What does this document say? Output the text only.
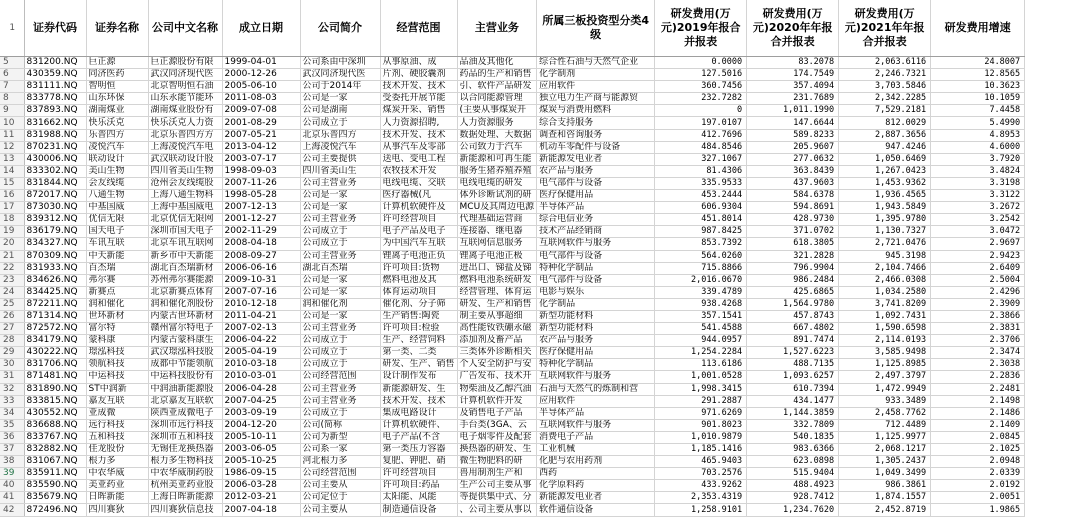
1	证券代码	证券名称	公司中文名称	成立日期	公司简介	经营范围	主营业务	所属三板投资型分类4级	研发费用(万元)2019年报合并报表	研发费用(万元)2020年年报合并报表	研发费用(万元)2021年年报合并报表	研发费用增速
5	831200.NQ	巨正源	巨正源股份有限	1999-04-01	公司系由中深圳	从事原油、成	品油及其他化	综合性石油与天然气企业	0.0000	83.2078	2,063.6116	24.8007
6	430359.NQ	同济医药	武汉同济现代医	2000-12-26	武汉同济现代医	片剂、硬胶囊剂	药品的生产和销售	化学制剂	127.5016	174.7549	2,246.7321	12.8565
7	831111.NQ	智明恒	北京智明恒石油	2005-06-10	公司于2014年	技术开发、技术	引、软件产品研发	应用软件	360.7456	357.4094	3,703.5846	10.3623
8	833778.NQ	山东环保	山东永能节能环	2011-08-03	公司是一家	受委托开展节能	以合同能源管理	独立电力生产商与能源贸	232.7282	231.7689	2,342.2285	10.1059
9	837893.NQ	湖南煤业	湖南煤业股份有	2009-07-08	公司是湖南	煤炭开采、销售	(主要从事煤炭开	煤炭与消费用燃料	0	1,011.1990	7,529.2181	7.4458
10	831662.NQ	快乐沃克	快乐沃克人力资	2001-08-29	公司成立于	人力资源招聘,	人力资源服务	综合支持服务	197.0107	147.6644	812.0029	5.4990
11	831988.NQ	乐普四方	北京乐普四方方	2007-05-21	北京乐普四方	技术开发、技术	数据处理、大数据	调查和咨询服务	412.7696	589.8233	2,887.3656	4.8953
12	870231.NQ	凌悦汽车	上海凌悦汽车电	2013-04-12	上海凌悦汽车	从事汽车及零部	公司致力于汽车	机动车零配件与设备	484.8546	205.9607	947.4246	4.6000
13	430006.NQ	联动设计	武汉联动设计股	2003-07-17	公司主要提供	送电、变电工程	新能源和可再生能	新能源发电业者	327.1067	277.0632	1,050.6469	3.7920
14	833302.NQ	美山生物	四川省美山生物	1998-09-03	四川省美山生	农牧技术开发	服务生猪养殖养殖	农产品与服务	81.4306	363.8439	1,267.0423	3.4824
15	831844.NQ	会友线缆	沧州会友线缆股	2007-11-26	公司主营业务	电线电缆、交联	电线电缆的研发	电气部件与设备	335.9533	437.9603	1,453.9362	3.3198
16	872017.NQ	八通生物	上海八通生物科	1998-05-28	公司是一家	医疗器械(凡	体外诊断试剂的研	医疗保健用品	453.2444	584.6378	1,936.4565	3.3122
17	873030.NQ	中基国威	上海中基国威电	2007-12-13	公司是一家	计算机软硬件及	MCU及其周边电源	半导体产品	606.9304	594.8691	1,943.5849	3.2672
18	839312.NQ	优信无限	北京优信无限网	2001-12-27	公司主营业务	许可经营项目	代理基础运营商	综合电信业务	451.8014	428.9730	1,395.9780	3.2542
19	836179.NQ	国天电子	深圳市国天电子	2002-11-29	公司成立于	电子产品及电子	连接器、继电器	技术产品经销商	987.8425	371.0702	1,130.7327	3.0472
20	834327.NQ	车讯互联	北京车讯互联网	2008-04-18	公司成立于	为中国汽车互联	互联网信息服务	互联网软件与服务	853.7392	618.3805	2,721.0476	2.9697
21	870309.NQ	中天新能	新乡市中天新能	2008-09-27	公司主营业务	锂离子电池正负	锂离子电池正极	电气部件与设备	564.0260	321.2828	945.3198	2.9423
22	831933.NQ	百杰瑞	湖北百杰瑞新材	2006-06-16	湖北百杰瑞	许可项目:货物	进出口、锑盐及锑	特种化学制品	715.8866	796.9904	2,104.7466	2.6409
23	834626.NQ	弗尔赛	苏州弗尔赛能源	2009-10-31	公司是一家	燃料电池及其	燃料电池系统研发	电气部件与设备	2,016.0670	986.2484	2,466.0308	2.5004
24	834425.NQ	新赛点	北京新赛点体育	2007-07-16	公司是一家	体育运动项目	经营管理、体育运	电影与娱乐	339.4789	425.6865	1,034.2580	2.4296
25	872211.NQ	润和催化	润和催化剂股份	2010-12-18	润和催化剂	催化剂、分子筛	研发、生产和销售	化学制品	938.4268	1,564.9780	3,741.8209	2.3909
26	871314.NQ	世环新材	内蒙古世环新材	2011-04-21	公司是一家	生产销售:陶瓷	制主要从事超细	新型功能材料	357.1541	457.8743	1,092.7431	2.3866
27	872572.NQ	富尔特	赣州富尔特电子	2007-02-13	公司主营业务	许可项目:检验	高性能钕铁硼永磁	新型功能材料	541.4588	667.4802	1,590.6598	2.3831
28	834179.NQ	蒙科康	内蒙古蒙科康生	2006-04-22	公司成立于	生产、经营饲料	添加剂及畜产品	农产品与服务	944.0957	891.7474	2,114.0193	2.3706
29	430222.NQ	璟泓科技	武汉璟泓科技股	2005-04-19	公司成立于	第一类、二类	三类体外诊断相关	医疗保健用品	1,254.2284	1,527.6223	3,585.9498	2.3474
30	831706.NQ	领航科技	成都中节能领航	2010-03-18	公司成立于	研发、生产、销售	个人安全防护与安	特种化学制品	113.6186	488.7135	1,125.8985	2.3038
31	871481.NQ	中运科技	中运科技股份有	2010-03-01	公司经营范围	设计制作发布	广告发布、技术开	互联网软件与服务	1,001.0528	1,093.6257	2,497.3797	2.2836
32	831890.NQ	ST中润新	中润油新能源股	2006-04-28	公司主营业务	新能源研发、生	物柴油及乙醇汽油	石油与天然气的炼制和营	1,998.3415	610.7394	1,472.9949	2.2481
33	833815.NQ	嘉友互联	北京嘉友互联软	2007-04-25	公司主营业务	技术开发、技术	计算机软件开发	应用软件	291.2887	434.1477	933.3489	2.1498
34	430552.NQ	亚成微	陕西亚成微电子	2003-09-19	公司成立于	集成电路设计	及销售电子产品	半导体产品	971.6269	1,144.3859	2,458.7762	2.1486
35	836688.NQ	远行科技	深圳市远行科技	2004-12-20	公司(简称	计算机软硬件、	手台类(3GA、云	互联网软件与服务	901.8023	332.7809	712.4489	2.1409
36	833767.NQ	五和科技	深圳市五和科技	2005-10-11	公司为新型	电子产品(不含	电子烟零件及配套	消费电子产品	1,010.9879	540.1835	1,125.9977	2.0845
37	832882.NQ	佳龙股份	无锡佳龙换热器	2003-06-05	公司系一家	第一类压力容器	换热器的研发、生	工业机械	1,185.1416	983.6366	2,068.1217	2.1025
38	831067.NQ	根力多	根力多生物科技	2005-10-25	河北根力多	复肥、钾肥、硝	微生物肥料的研	化肥与农用药剂	465.9403	623.0898	1,305.2437	2.0948
39	835911.NQ	中农华威	中农华威制药股	1986-09-15	公司经营范围	许可经营项目	兽用制剂生产和	西药	703.2576	515.9404	1,049.3499	2.0339
40	835590.NQ	美亚药业	杭州美亚药业股	2006-03-28	公司主要从	许可项目:药品	生产公司主要从事	化学原料药	433.9262	488.4923	986.3861	2.0192
41	835679.NQ	日晖新能	上海日晖新能源	2012-03-21	公司定位于	太阳能、风能	等提供集中式、分	新能源发电业者	2,353.4319	928.7412	1,874.1557	2.0051
42	872496.NQ	四川赛狄	四川赛狄信息技	2007-04-18	公司主要从	制造通信设备	、公司主要从事以	软件通信设备	1,258.9101	1,234.7620	2,452.8719	1.9865
